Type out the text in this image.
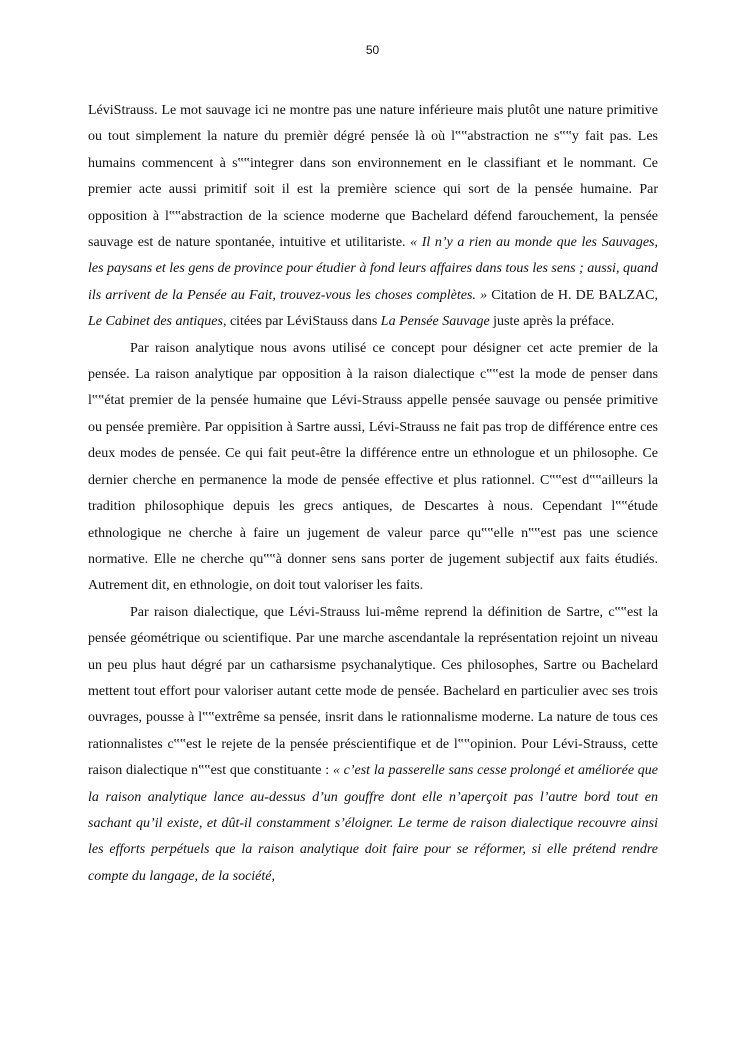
50

LéviStrauss. Le mot sauvage ici ne montre pas une nature inférieure mais plutôt une nature primitive ou tout simplement la nature du premièr dégré pensée là où l‟‟abstraction ne s‟‟y fait pas. Les humains commencent à s‟‟integrer dans son environnement en le classifiant et le nommant. Ce premier acte aussi primitif soit il est la première science qui sort de la pensée humaine. Par opposition à l‟‟abstraction de la science moderne que Bachelard défend farouchement, la pensée sauvage est de nature spontanée, intuitive et utilitariste. « Il n’y a rien au monde que les Sauvages, les paysans et les gens de province pour étudier à fond leurs affaires dans tous les sens ; aussi, quand ils arrivent de la Pensée au Fait, trouvez-vous les choses complètes. » Citation de H. DE BALZAC, Le Cabinet des antiques, citées par LéviStauss dans La Pensée Sauvage juste après la préface.

Par raison analytique nous avons utilisé ce concept pour désigner cet acte premier de la pensée. La raison analytique par opposition à la raison dialectique c‟‟est la mode de penser dans l‟‟état premier de la pensée humaine que Lévi-Strauss appelle pensée sauvage ou pensée primitive ou pensée première. Par oppisition à Sartre aussi, Lévi-Strauss ne fait pas trop de différence entre ces deux modes de pensée. Ce qui fait peut-être la différence entre un ethnologue et un philosophe. Ce dernier cherche en permanence la mode de pensée effective et plus rationnel. C‟‟est d‟‟ailleurs la tradition philosophique depuis les grecs antiques, de Descartes à nous. Cependant l‟‟étude ethnologique ne cherche à faire un jugement de valeur parce qu‟‟elle n‟‟est pas une science normative. Elle ne cherche qu‟‟à donner sens sans porter de jugement subjectif aux faits étudiés. Autrement dit, en ethnologie, on doit tout valoriser les faits.

Par raison dialectique, que Lévi-Strauss lui-même reprend la définition de Sartre, c‟‟est la pensée géométrique ou scientifique. Par une marche ascendantale la représentation rejoint un niveau un peu plus haut dégré par un catharsisme psychanalytique. Ces philosophes, Sartre ou Bachelard mettent tout effort pour valoriser autant cette mode de pensée. Bachelard en particulier avec ses trois ouvrages, pousse à l‟‟extrême sa pensée, insrit dans le rationnalisme moderne. La nature de tous ces rationnalistes c‟‟est le rejete de la pensée préscientifique et de l‟‟opinion. Pour Lévi-Strauss, cette raison dialectique n‟‟est que constituante : « c’est la passerelle sans cesse prolongé et améliorée que la raison analytique lance au-dessus d’un gouffre dont elle n’aperçoit pas l’autre bord tout en sachant qu’il existe, et dût-il constamment s’éloigner. Le terme de raison dialectique recouvre ainsi les efforts perpétuels que la raison analytique doit faire pour se réformer, si elle prétend rendre compte du langage, de la société,
